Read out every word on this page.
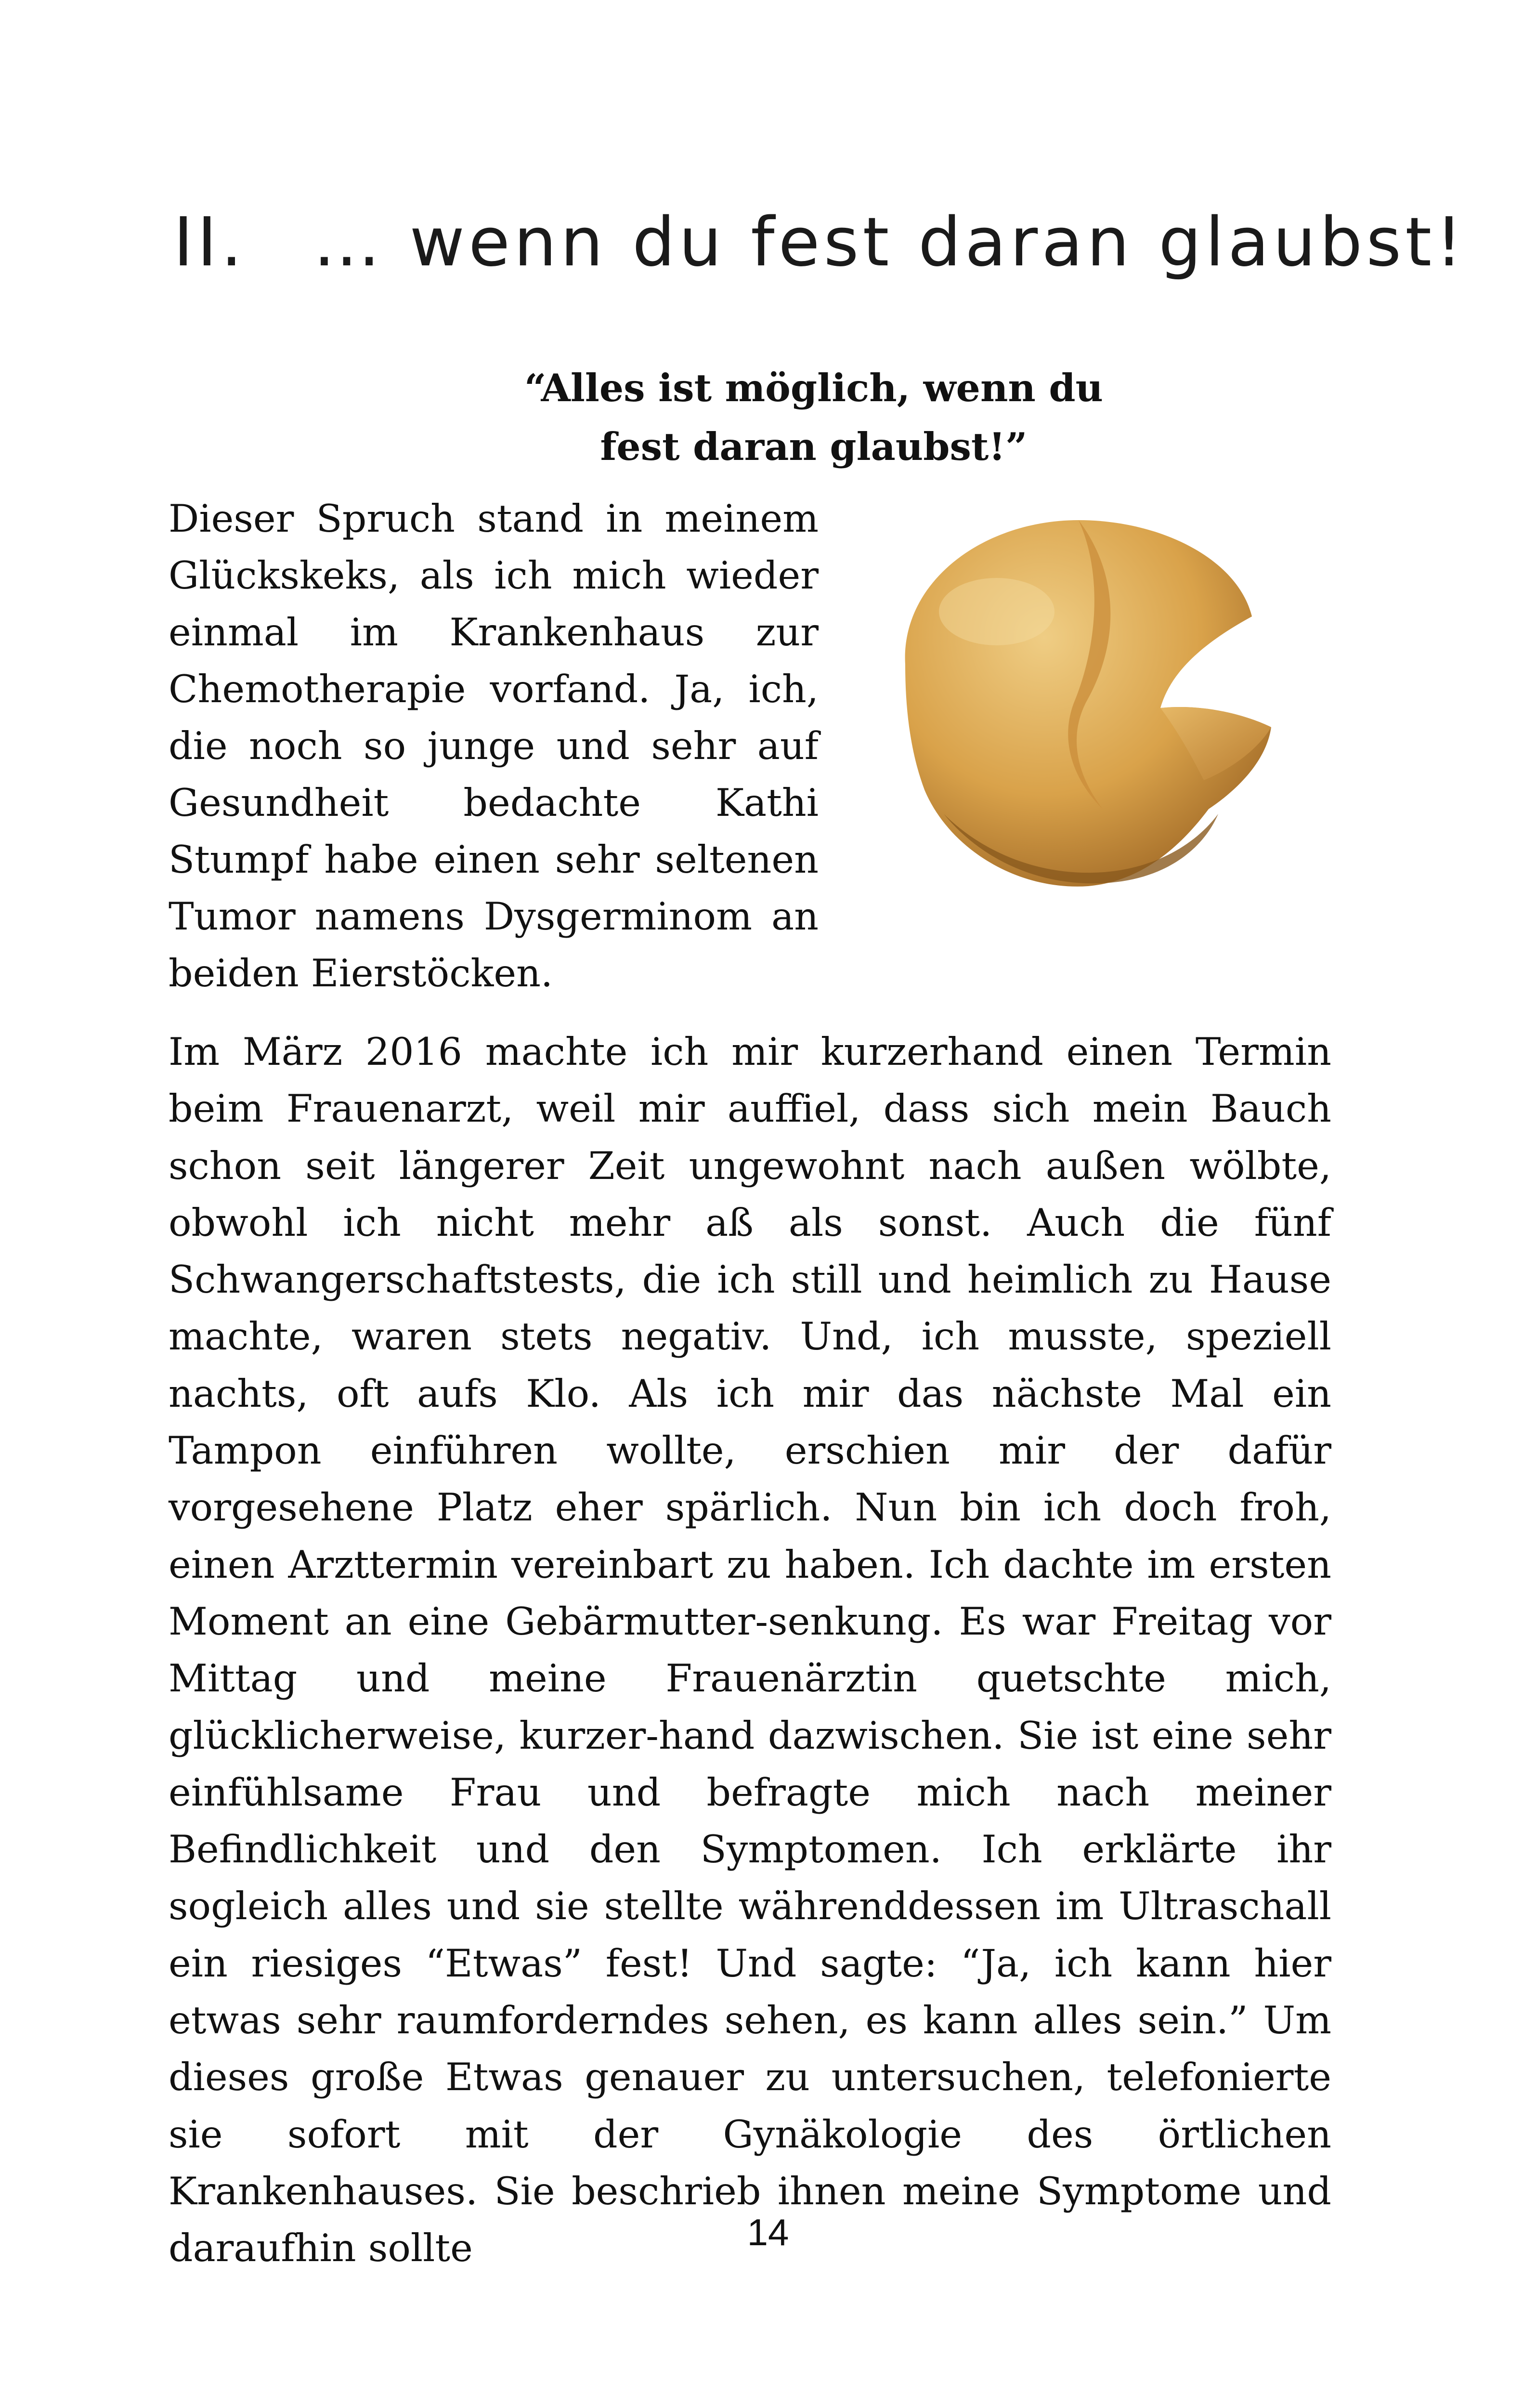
II. … wenn du fest daran glaubst!
“Alles ist möglich, wenn du
fest daran glaubst!”

Dieser Spruch stand in meinem Glückskeks, als ich mich wieder einmal im Krankenhaus zur Chemotherapie vorfand. Ja, ich, die noch so junge und sehr auf Gesundheit bedachte Kathi Stumpf habe einen sehr seltenen Tumor namens Dysgerminom an beiden Eierstöcken.

Im März 2016 machte ich mir kurzerhand einen Termin beim Frauenarzt, weil mir auffiel, dass sich mein Bauch schon seit längerer Zeit ungewohnt nach außen wölbte, obwohl ich nicht mehr aß als sonst. Auch die fünf Schwangerschaftstests, die ich still und heimlich zu Hause machte, waren stets negativ. Und, ich musste, speziell nachts, oft aufs Klo. Als ich mir das nächste Mal ein Tampon einführen wollte, erschien mir der dafür vorgesehene Platz eher spärlich. Nun bin ich doch froh, einen Arzttermin vereinbart zu haben. Ich dachte im ersten Moment an eine Gebärmutter-senkung. Es war Freitag vor Mittag und meine Frauenärztin quetschte mich, glücklicherweise, kurzer-hand dazwischen. Sie ist eine sehr einfühlsame Frau und befragte mich nach meiner Befindlichkeit und den Symptomen. Ich erklärte ihr sogleich alles und sie stellte währenddessen im Ultraschall ein riesiges “Etwas” fest! Und sagte: “Ja, ich kann hier etwas sehr raumforderndes sehen, es kann alles sein.” Um dieses große Etwas genauer zu untersuchen, telefonierte sie sofort mit der Gynäkologie des örtlichen Krankenhauses. Sie beschrieb ihnen meine Symptome und daraufhin sollte	14
